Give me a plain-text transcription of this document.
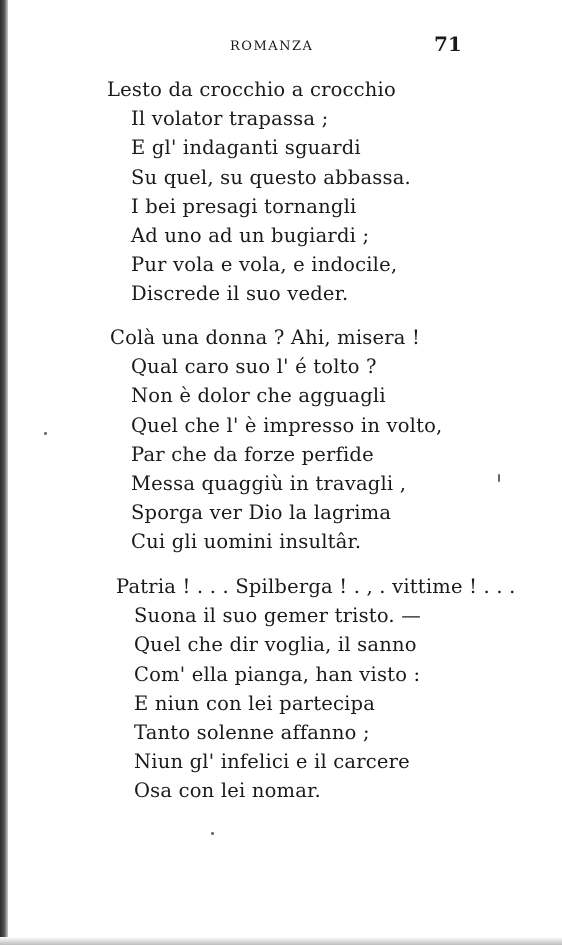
ROMANZA	71
Lesto da crocchio a crocchio
Il volator trapassa ;
E gl' indaganti sguardi
Su quel, su questo abbassa.
I bei presagi tornangli
Ad uno ad un bugiardi ;
Pur vola e vola, e indocile,
Discrede il suo veder.
Colà una donna ? Ahi, misera !
Qual caro suo l' é tolto ?
Non è dolor che agguagli
Quel che l' è impresso in volto,
Par che da forze perfide
Messa quaggiù in travagli ,
Sporga ver Dio la lagrima
Cui gli uomini insultâr.
Patria ! . . . Spilberga ! . , . vittime ! . . .
Suona il suo gemer tristo. —
Quel che dir voglia, il sanno
Com' ella pianga, han visto :
E niun con lei partecipa
Tanto solenne affanno ;
Niun gl' infelici e il carcere
Osa con lei nomar.
